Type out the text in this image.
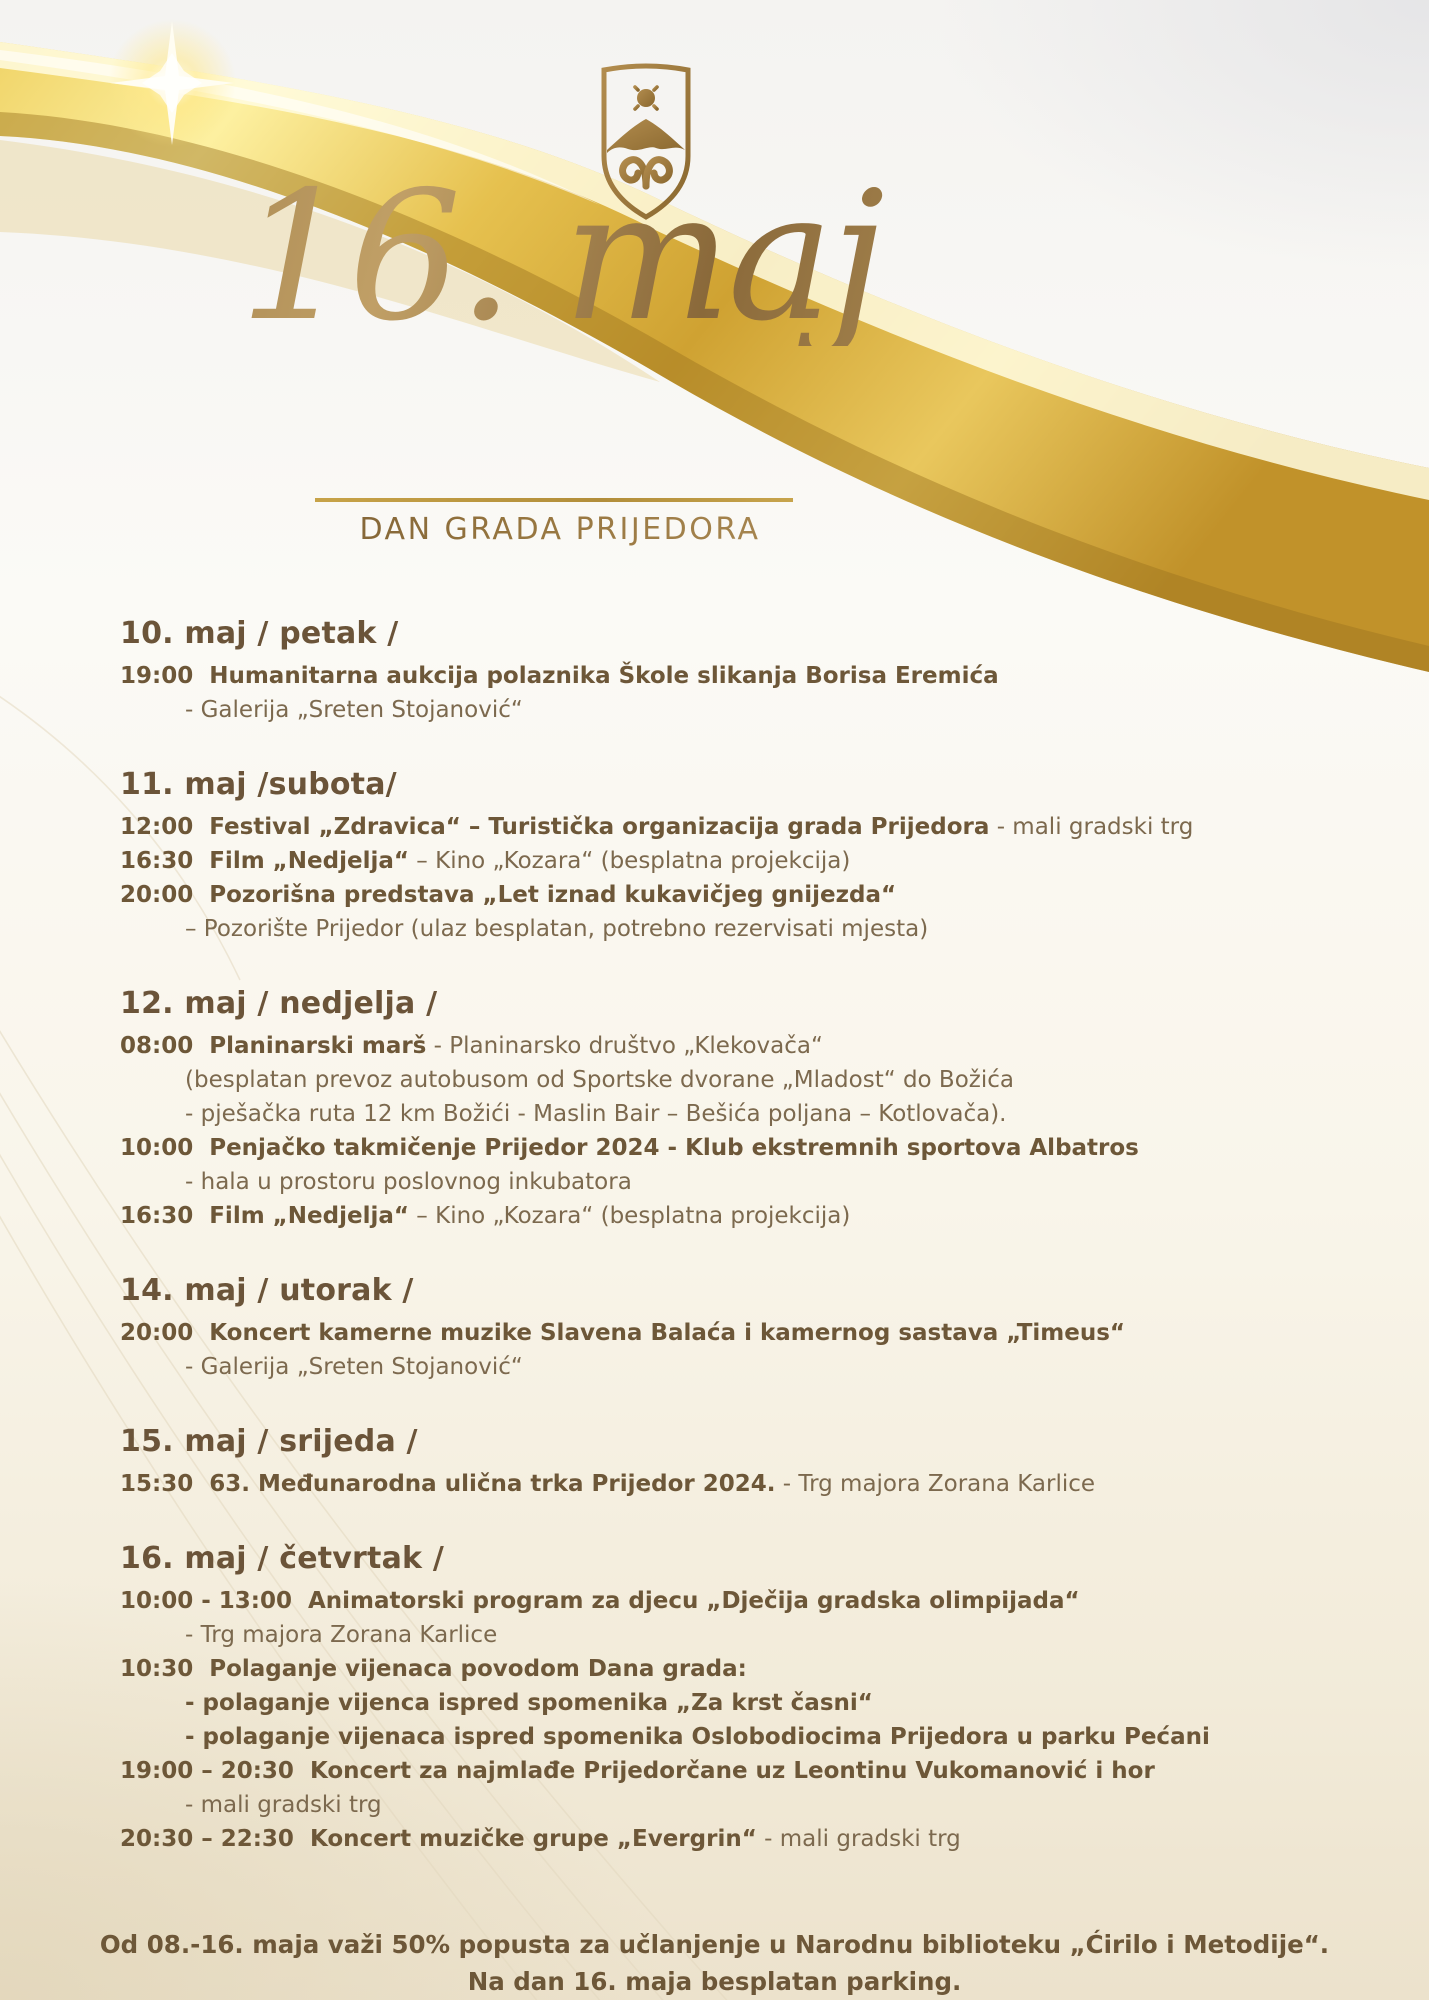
16. maj
DAN GRADA PRIJEDORA
10. maj / petak /
19:00 Humanitarna aukcija polaznika Škole slikanja Borisa Eremića
- Galerija „Sreten Stojanović“
11. maj /subota/
12:00 Festival „Zdravica“ – Turistička organizacija grada Prijedora - mali gradski trg
16:30 Film „Nedjelja“ – Kino „Kozara“ (besplatna projekcija)
20:00 Pozorišna predstava „Let iznad kukavičjeg gnijezda“
– Pozorište Prijedor (ulaz besplatan, potrebno rezervisati mjesta)
12. maj / nedjelja /
08:00 Planinarski marš - Planinarsko društvo „Klekovača“
(besplatan prevoz autobusom od Sportske dvorane „Mladost“ do Božića
- pješačka ruta 12 km Božići - Maslin Bair – Bešića poljana – Kotlovača).
10:00 Penjačko takmičenje Prijedor 2024 - Klub ekstremnih sportova Albatros
- hala u prostoru poslovnog inkubatora
16:30 Film „Nedjelja“ – Kino „Kozara“ (besplatna projekcija)
14. maj / utorak /
20:00 Koncert kamerne muzike Slavena Balaća i kamernog sastava „Timeus“
- Galerija „Sreten Stojanović“
15. maj / srijeda /
15:30 63. Međunarodna ulična trka Prijedor 2024. - Trg majora Zorana Karlice
16. maj / četvrtak /
10:00 - 13:00 Animatorski program za djecu „Dječija gradska olimpijada“
- Trg majora Zorana Karlice
10:30 Polaganje vijenaca povodom Dana grada:
- polaganje vijenca ispred spomenika „Za krst časni“
- polaganje vijenaca ispred spomenika Oslobodiocima Prijedora u parku Pećani
19:00 – 20:30 Koncert za najmlađe Prijedorčane uz Leontinu Vukomanović i hor
- mali gradski trg
20:30 – 22:30 Koncert muzičke grupe „Evergrin“ - mali gradski trg
Od 08.-16. maja važi 50% popusta za učlanjenje u Narodnu biblioteku „Ćirilo i Metodije“.
Na dan 16. maja besplatan parking.
